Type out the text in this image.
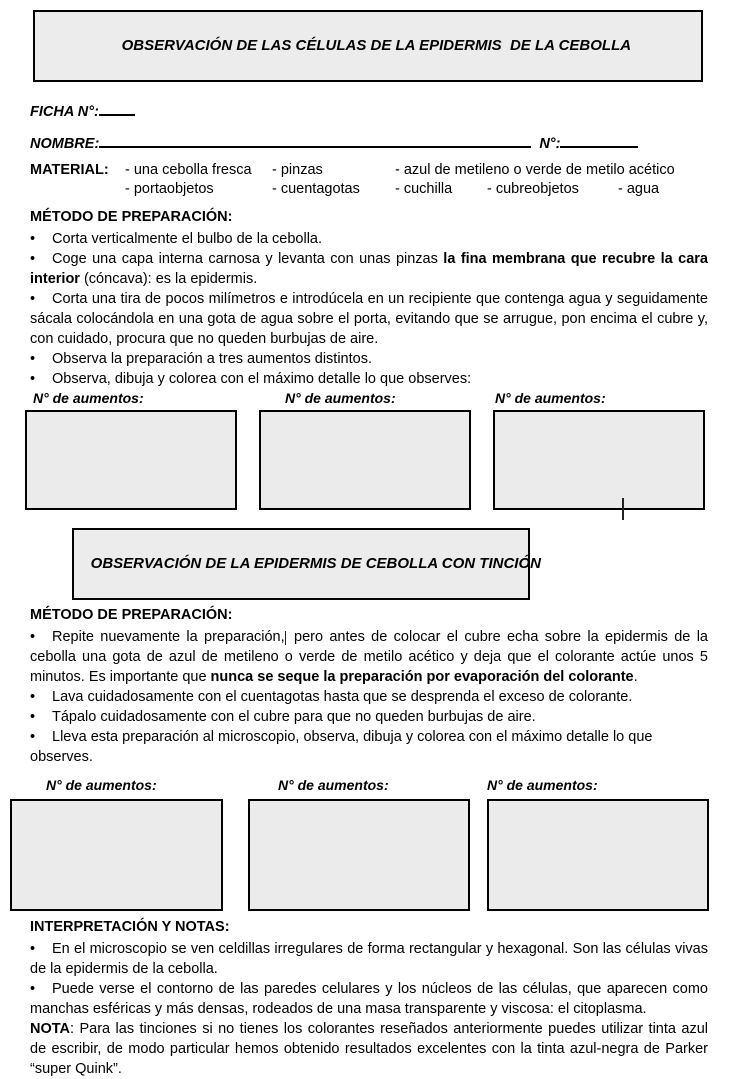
OBSERVACIÓN DE LAS CÉLULAS DE LA EPIDERMIS  DE LA CEBOLLA

FICHA N°:
NOMBRE:	N°:
MATERIAL: - una cebolla fresca - pinzas	- azul de metileno o verde de metilo acético
- portaobjetos	- cuentagotas - cuchilla - cubreobjetos	- agua
MÉTODO DE PREPARACIÓN:

• Corta verticalmente el bulbo de la cebolla.

• Coge una capa interna carnosa y levanta con unas pinzas la fina membrana que recubre la cara interior (cóncava): es la epidermis.

• Corta una tira de pocos milímetros e introdúcela en un recipiente que contenga agua y seguidamente sácala colocándola en una gota de agua sobre el porta, evitando que se arrugue, pon encima el cubre y, con cuidado, procura que no queden burbujas de aire.

• Observa la preparación a tres aumentos distintos.

• Observa, dibuja y colorea con el máximo detalle lo que observes:

N° de aumentos:	N° de aumentos:	N° de aumentos:

OBSERVACIÓN DE LA EPIDERMIS DE CEBOLLA CON TINCIÓN

MÉTODO DE PREPARACIÓN:

• Repite nuevamente la preparación, pero antes de colocar el cubre echa sobre la epidermis de la cebolla una gota de azul de metileno o verde de metilo acético y deja que el colorante actúe unos 5 minutos. Es importante que nunca se seque la preparación por evaporación del colorante.

• Lava cuidadosamente con el cuentagotas hasta que se desprenda el exceso de colorante.

• Tápalo cuidadosamente con el cubre para que no queden burbujas de aire.

• Lleva esta preparación al microscopio, observa, dibuja y colorea con el máximo detalle lo que observes.

N° de aumentos:	N° de aumentos:	N° de aumentos:
INTERPRETACIÓN Y NOTAS:

• En el microscopio se ven celdillas irregulares de forma rectangular y hexagonal. Son las células vivas de la epidermis de la cebolla.

• Puede verse el contorno de las paredes celulares y los núcleos de las células, que aparecen como manchas esféricas y más densas, rodeados de una masa transparente y viscosa: el citoplasma.

NOTA: Para las tinciones si no tienes los colorantes reseñados anteriormente puedes utilizar tinta azul de escribir, de modo particular hemos obtenido resultados excelentes con la tinta azul-negra de Parker “super Quink”.
